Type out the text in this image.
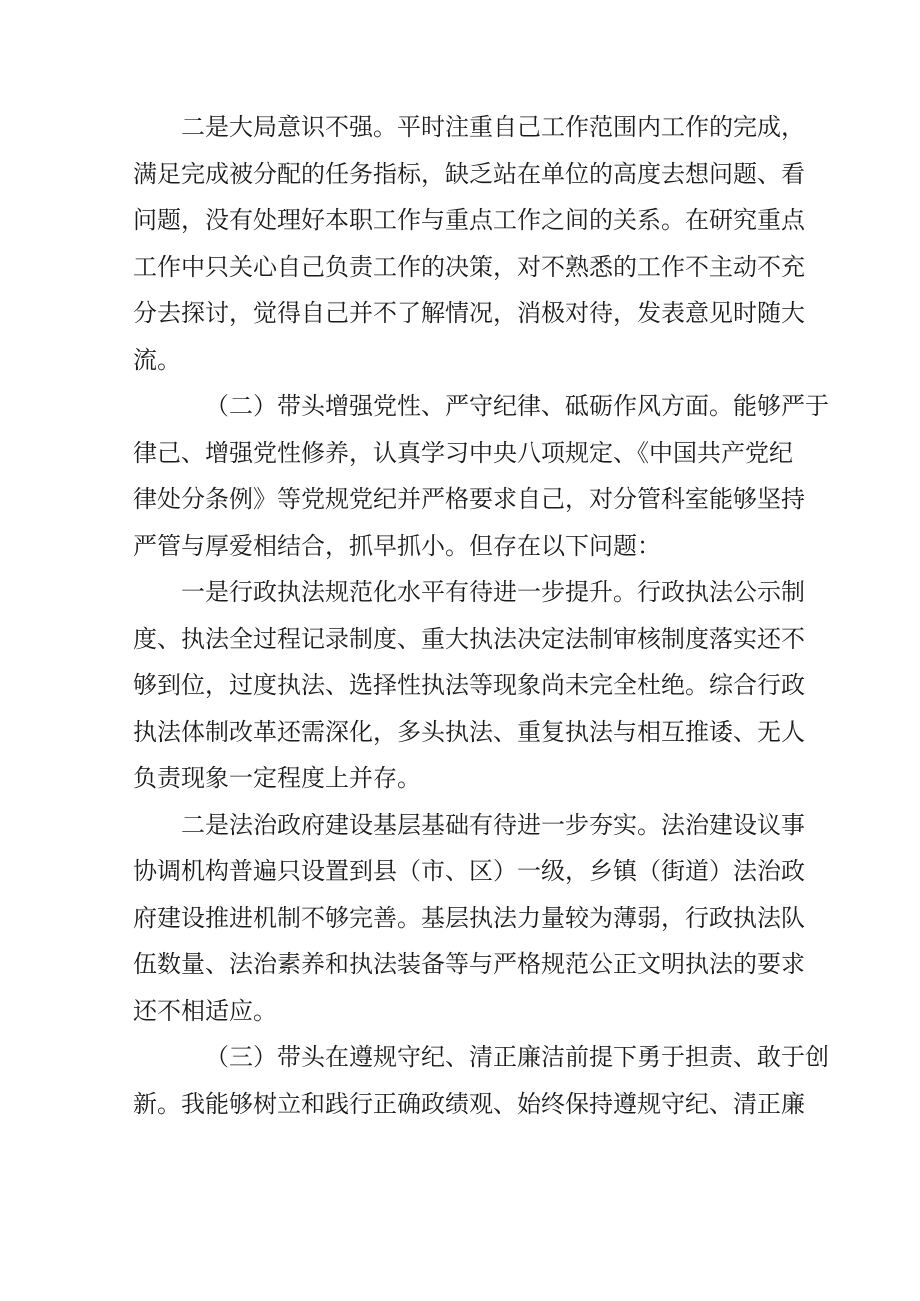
二是大局意识不强。平时注重自己工作范围内工作的完成，
满足完成被分配的任务指标，缺乏站在单位的高度去想问题、看
问题，没有处理好本职工作与重点工作之间的关系。在研究重点
工作中只关心自己负责工作的决策，对不熟悉的工作不主动不充
分去探讨，觉得自己并不了解情况，消极对待，发表意见时随大
流。
（二）带头增强党性、严守纪律、砥砺作风方面。能够严于
律己、增强党性修养，认真学习中央八项规定、《中国共产党纪
律处分条例》等党规党纪并严格要求自己，对分管科室能够坚持
严管与厚爱相结合，抓早抓小。但存在以下问题：
一是行政执法规范化水平有待进一步提升。行政执法公示制
度、执法全过程记录制度、重大执法决定法制审核制度落实还不
够到位，过度执法、选择性执法等现象尚未完全杜绝。综合行政
执法体制改革还需深化，多头执法、重复执法与相互推诿、无人
负责现象一定程度上并存。
二是法治政府建设基层基础有待进一步夯实。法治建设议事
协调机构普遍只设置到县（市、区）一级，乡镇（街道）法治政
府建设推进机制不够完善。基层执法力量较为薄弱，行政执法队
伍数量、法治素养和执法装备等与严格规范公正文明执法的要求
还不相适应。
（三）带头在遵规守纪、清正廉洁前提下勇于担责、敢于创
新。我能够树立和践行正确政绩观、始终保持遵规守纪、清正廉
